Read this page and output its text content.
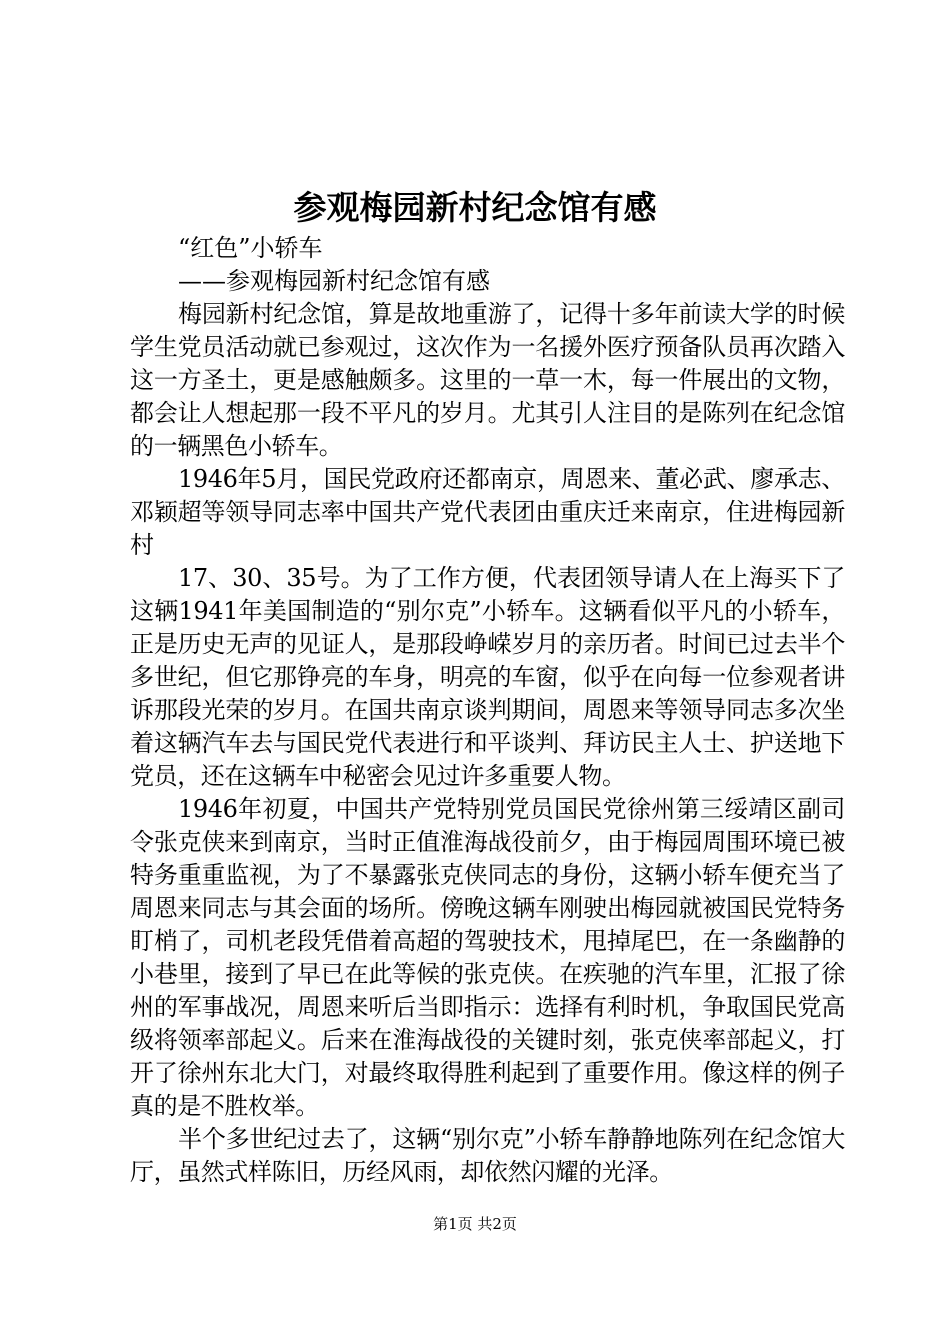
参观梅园新村纪念馆有感

“红色”小轿车

——参观梅园新村纪念馆有感

梅园新村纪念馆，算是故地重游了，记得十多年前读大学的时候学生党员活动就已参观过，这次作为一名援外医疗预备队员再次踏入这一方圣土，更是感触颇多。这里的一草一木，每一件展出的文物，都会让人想起那一段不平凡的岁月。尤其引人注目的是陈列在纪念馆的一辆黑色小轿车。

1946年5月，国民党政府还都南京，周恩来、董必武、廖承志、邓颖超等领导同志率中国共产党代表团由重庆迁来南京，住进梅园新村

17、30、35号。为了工作方便，代表团领导请人在上海买下了这辆1941年美国制造的“别尔克”小轿车。这辆看似平凡的小轿车，正是历史无声的见证人，是那段峥嵘岁月的亲历者。时间已过去半个多世纪，但它那铮亮的车身，明亮的车窗，似乎在向每一位参观者讲诉那段光荣的岁月。在国共南京谈判期间，周恩来等领导同志多次坐着这辆汽车去与国民党代表进行和平谈判、拜访民主人士、护送地下党员，还在这辆车中秘密会见过许多重要人物。

1946年初夏，中国共产党特别党员国民党徐州第三绥靖区副司令张克侠来到南京，当时正值淮海战役前夕，由于梅园周围环境已被特务重重监视，为了不暴露张克侠同志的身份，这辆小轿车便充当了周恩来同志与其会面的场所。傍晚这辆车刚驶出梅园就被国民党特务盯梢了，司机老段凭借着高超的驾驶技术，甩掉尾巴，在一条幽静的小巷里，接到了早已在此等候的张克侠。在疾驰的汽车里，汇报了徐州的军事战况，周恩来听后当即指示：选择有利时机，争取国民党高级将领率部起义。后来在淮海战役的关键时刻，张克侠率部起义，打开了徐州东北大门，对最终取得胜利起到了重要作用。像这样的例子真的是不胜枚举。

半个多世纪过去了，这辆“别尔克”小轿车静静地陈列在纪念馆大厅，虽然式样陈旧，历经风雨，却依然闪耀的光泽。

第1页 共2页
